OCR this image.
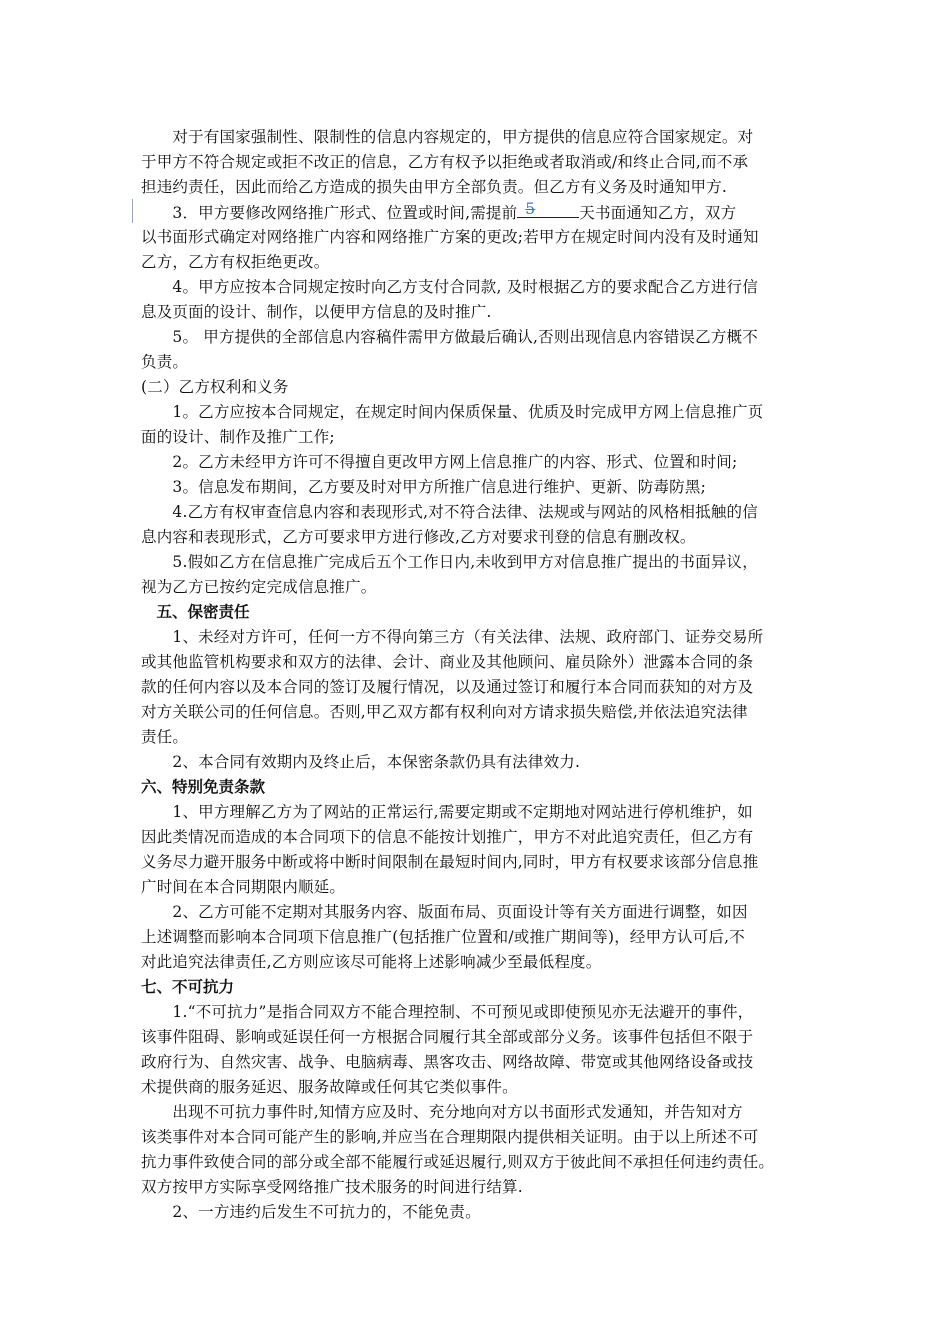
　　对于有国家强制性、限制性的信息内容规定的，甲方提供的信息应符合国家规定。对
于甲方不符合规定或拒不改正的信息，乙方有权予以拒绝或者取消或/和终止合同,而不承
担违约责任，因此而给乙方造成的损失由甲方全部负责。但乙方有义务及时通知甲方.
　　3．甲方要修改网络推广形式、位置或时间,需提前 5	天书面通知乙方，双方
以书面形式确定对网络推广内容和网络推广方案的更改;若甲方在规定时间内没有及时通知
乙方，乙方有权拒绝更改。
　　4。甲方应按本合同规定按时向乙方支付合同款, 及时根据乙方的要求配合乙方进行信
息及页面的设计、制作，以便甲方信息的及时推广.
　　5。 甲方提供的全部信息内容稿件需甲方做最后确认,否则出现信息内容错误乙方概不
负责。
(二）乙方权利和义务
　　1。乙方应按本合同规定，在规定时间内保质保量、优质及时完成甲方网上信息推广页
面的设计、制作及推广工作;
　　2。乙方未经甲方许可不得擅自更改甲方网上信息推广的内容、形式、位置和时间;
　　3。信息发布期间，乙方要及时对甲方所推广信息进行维护、更新、防毒防黑;
　　4.乙方有权审查信息内容和表现形式,对不符合法律、法规或与网站的风格相抵触的信
息内容和表现形式，乙方可要求甲方进行修改,乙方对要求刊登的信息有删改权。
　　5.假如乙方在信息推广完成后五个工作日内,未收到甲方对信息推广提出的书面异议，
视为乙方已按约定完成信息推广。
　五、保密责任
　　1、未经对方许可，任何一方不得向第三方（有关法律、法规、政府部门、证券交易所
或其他监管机构要求和双方的法律、会计、商业及其他顾问、雇员除外）泄露本合同的条
款的任何内容以及本合同的签订及履行情况，以及通过签订和履行本合同而获知的对方及
对方关联公司的任何信息。否则,甲乙双方都有权利向对方请求损失赔偿,并依法追究法律
责任。
　　2、本合同有效期内及终止后，本保密条款仍具有法律效力.
六、特别免责条款
　　1、甲方理解乙方为了网站的正常运行,需要定期或不定期地对网站进行停机维护，如
因此类情况而造成的本合同项下的信息不能按计划推广，甲方不对此追究责任，但乙方有
义务尽力避开服务中断或将中断时间限制在最短时间内,同时，甲方有权要求该部分信息推
广时间在本合同期限内顺延。
　　2、乙方可能不定期对其服务内容、版面布局、页面设计等有关方面进行调整，如因
上述调整而影响本合同项下信息推广(包括推广位置和/或推广期间等)，经甲方认可后,不
对此追究法律责任,乙方则应该尽可能将上述影响减少至最低程度。
七、不可抗力
　　1.“不可抗力”是指合同双方不能合理控制、不可预见或即使预见亦无法避开的事件，
该事件阻碍、影响或延误任何一方根据合同履行其全部或部分义务。该事件包括但不限于
政府行为、自然灾害、战争、电脑病毒、黑客攻击、网络故障、带宽或其他网络设备或技
术提供商的服务延迟、服务故障或任何其它类似事件。
　　出现不可抗力事件时,知情方应及时、充分地向对方以书面形式发通知，并告知对方
该类事件对本合同可能产生的影响,并应当在合理期限内提供相关证明。由于以上所述不可
抗力事件致使合同的部分或全部不能履行或延迟履行,则双方于彼此间不承担任何违约责任。
双方按甲方实际享受网络推广技术服务的时间进行结算.
　　2、一方违约后发生不可抗力的，不能免责。
